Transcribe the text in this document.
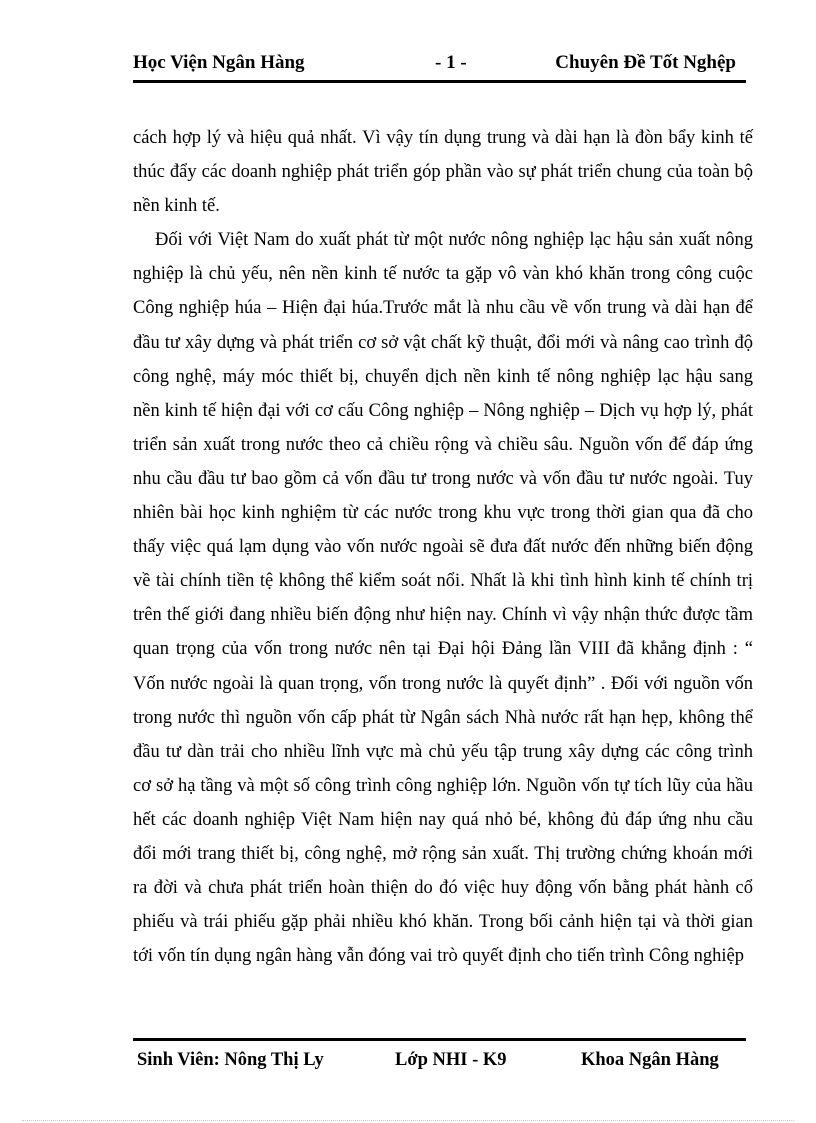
Học Viện Ngân Hàng	- 1 -	Chuyên Đề Tốt Nghệp
cách hợp lý và hiệu quả nhất. Vì vậy tín dụng trung và dài hạn là đòn bẩy kinh tế
thúc đẩy các doanh nghiệp phát triển góp phần vào sự phát triển chung của toàn bộ
nền kinh tế.
Đối với Việt Nam do xuất phát từ một nước nông nghiệp lạc hậu sản xuất nông
nghiệp là chủ yếu, nên nền kinh tế nước ta gặp vô vàn khó khăn trong công cuộc
Công nghiệp húa – Hiện đại húa.Trước mắt là nhu cầu về vốn trung và dài hạn để
đầu tư xây dựng và phát triển cơ sở vật chất kỹ thuật, đổi mới và nâng cao trình độ
công nghệ, máy móc thiết bị, chuyển dịch nền kinh tế nông nghiệp lạc hậu sang
nền kinh tế hiện đại với cơ cấu Công nghiệp – Nông nghiệp – Dịch vụ hợp lý, phát
triển sản xuất trong nước theo cả chiều rộng và chiều sâu. Nguồn vốn để đáp ứng
nhu cầu đầu tư bao gồm cả vốn đầu tư trong nước và vốn đầu tư nước ngoài. Tuy
nhiên bài học kinh nghiệm từ các nước trong khu vực trong thời gian qua đã cho
thấy việc quá lạm dụng vào vốn nước ngoài sẽ đưa đất nước đến những biến động
về tài chính tiền tệ không thể kiểm soát nổi. Nhất là khi tình hình kinh tế chính trị
trên thế giới đang nhiều biến động như hiện nay. Chính vì vậy nhận thức được tầm
quan trọng của vốn trong nước nên tại Đại hội Đảng lần VIII đã khẳng định : “
Vốn nước ngoài là quan trọng, vốn trong nước là quyết định” . Đối với nguồn vốn
trong nước thì nguồn vốn cấp phát từ Ngân sách Nhà nước rất hạn hẹp, không thể
đầu tư dàn trải cho nhiều lĩnh vực mà chủ yếu tập trung xây dựng các công trình
cơ sở hạ tầng và một số công trình công nghiệp lớn. Nguồn vốn tự tích lũy của hầu
hết các doanh nghiệp Việt Nam hiện nay quá nhỏ bé, không đủ đáp ứng nhu cầu
đổi mới trang thiết bị, công nghệ, mở rộng sản xuất. Thị trường chứng khoán mới
ra đời và chưa phát triển hoàn thiện do đó việc huy động vốn bằng phát hành cổ
phiếu và trái phiếu gặp phải nhiều khó khăn. Trong bối cảnh hiện tại và thời gian
tới vốn tín dụng ngân hàng vẫn đóng vai trò quyết định cho tiến trình Công nghiệp
Sinh Viên: Nông Thị Ly	Lớp NHI - K9	Khoa Ngân Hàng
